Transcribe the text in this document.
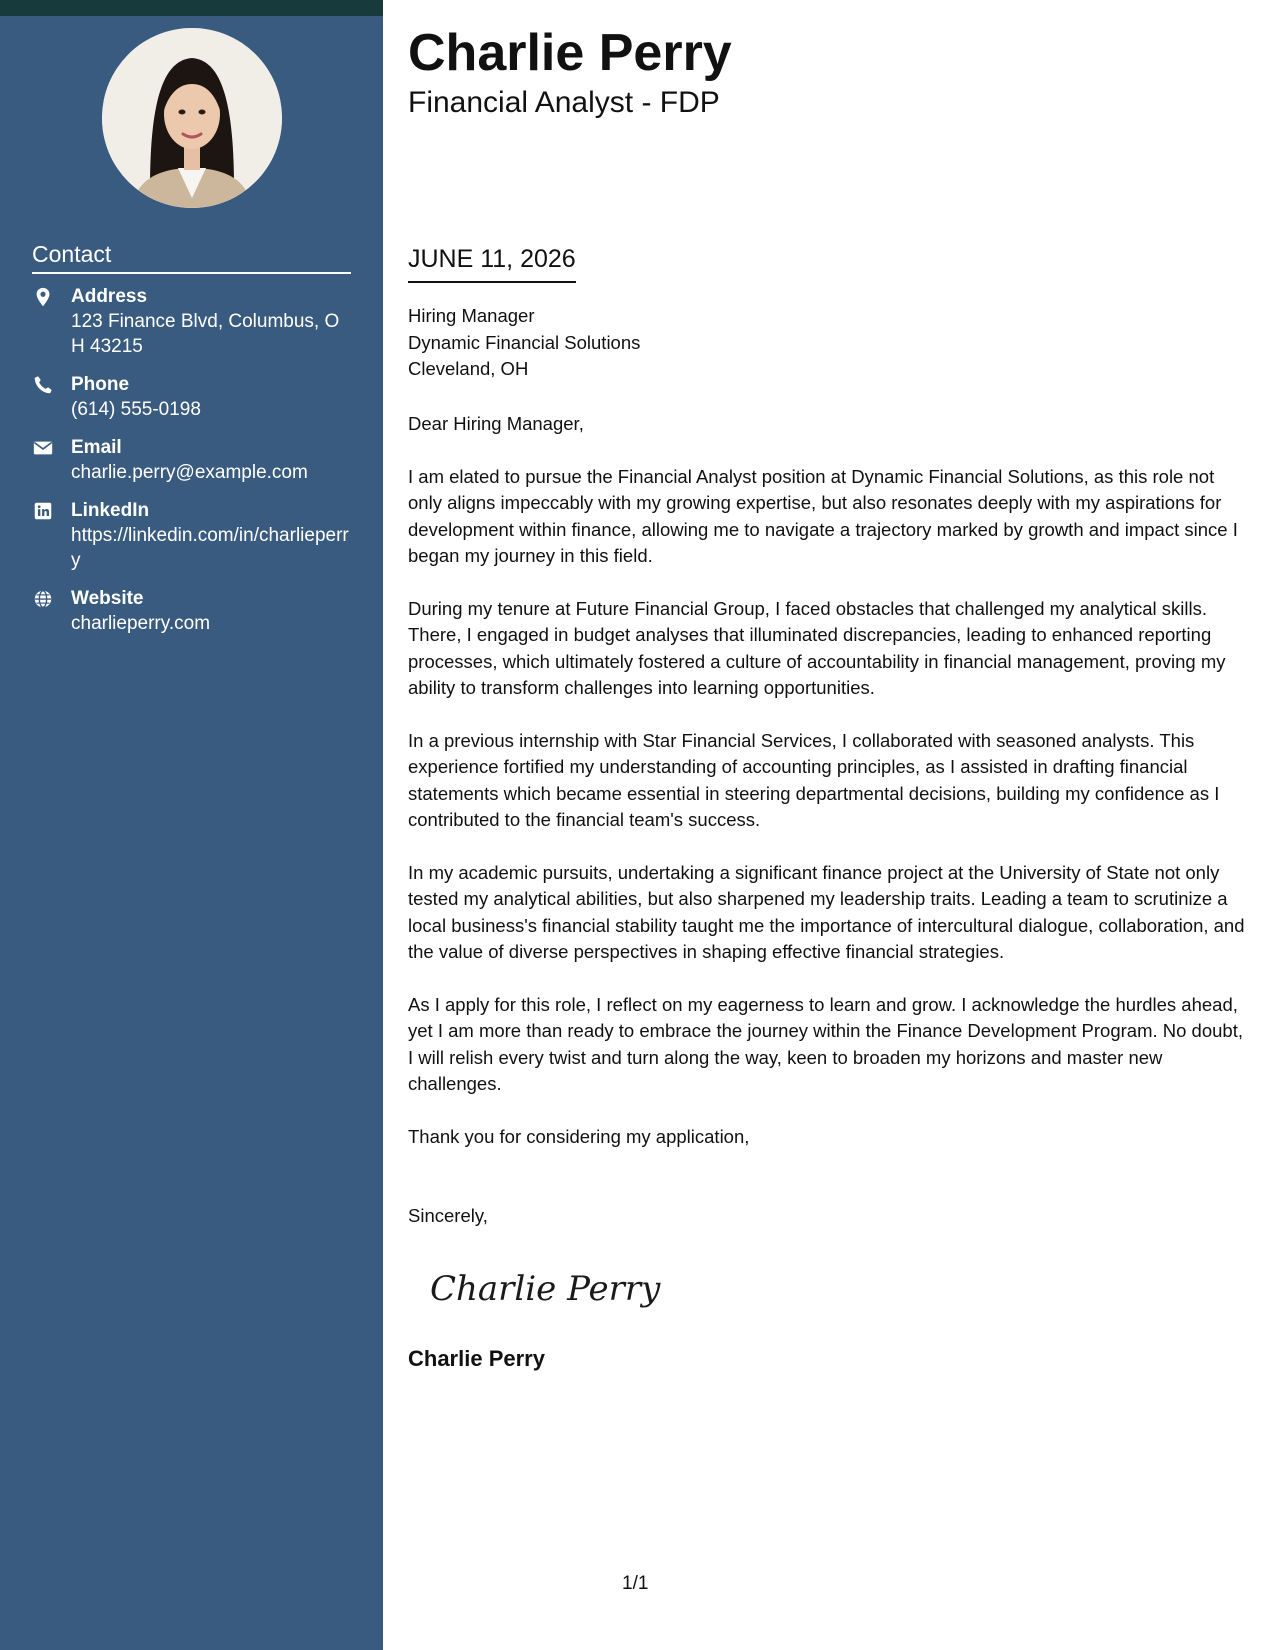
Contact
Address
123 Finance Blvd, Columbus, OH 43215
Phone
(614) 555-0198
Email
charlie.perry@example.com
LinkedIn
https://linkedin.com/in/charlieperry
Website
charlieperry.com
Charlie Perry
Financial Analyst - FDP
JUNE 11, 2026
Hiring Manager
Dynamic Financial Solutions
Cleveland, OH

Dear Hiring Manager,

I am elated to pursue the Financial Analyst position at Dynamic Financial Solutions, as this role not only aligns impeccably with my growing expertise, but also resonates deeply with my aspirations for development within finance, allowing me to navigate a trajectory marked by growth and impact since I began my journey in this field.

During my tenure at Future Financial Group, I faced obstacles that challenged my analytical skills. There, I engaged in budget analyses that illuminated discrepancies, leading to enhanced reporting processes, which ultimately fostered a culture of accountability in financial management, proving my ability to transform challenges into learning opportunities.

In a previous internship with Star Financial Services, I collaborated with seasoned analysts. This experience fortified my understanding of accounting principles, as I assisted in drafting financial statements which became essential in steering departmental decisions, building my confidence as I contributed to the financial team's success.

In my academic pursuits, undertaking a significant finance project at the University of State not only tested my analytical abilities, but also sharpened my leadership traits. Leading a team to scrutinize a local business's financial stability taught me the importance of intercultural dialogue, collaboration, and the value of diverse perspectives in shaping effective financial strategies.

As I apply for this role, I reflect on my eagerness to learn and grow. I acknowledge the hurdles ahead, yet I am more than ready to embrace the journey within the Finance Development Program. No doubt, I will relish every twist and turn along the way, keen to broaden my horizons and master new challenges.

Thank you for considering my application,

Sincerely,
Charlie Perry
Charlie Perry
1/1
